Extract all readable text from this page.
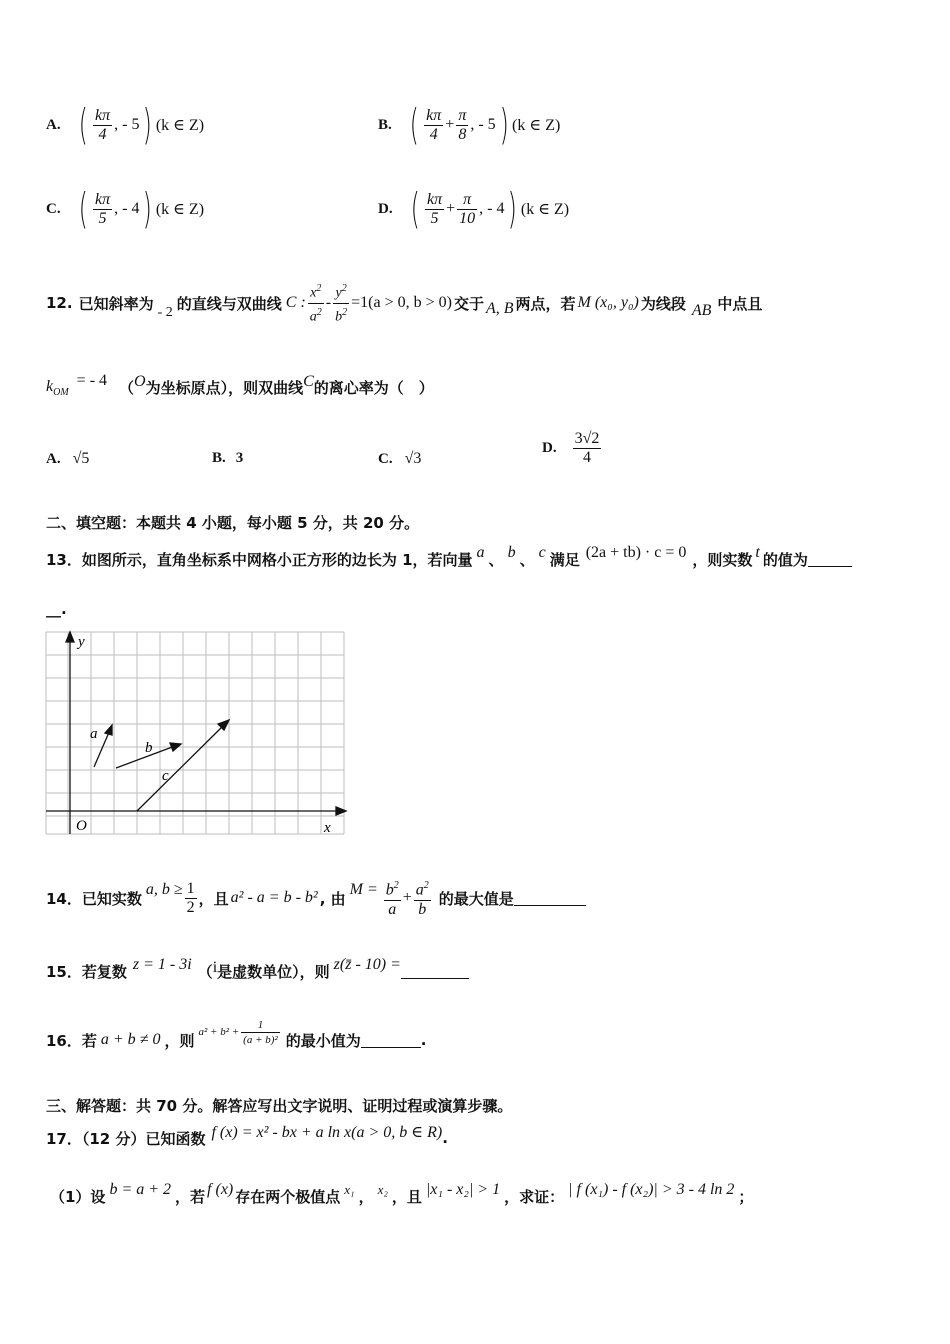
A. ( $\frac{k\pi}{4}$ , - 5 ) (k ∈ Z)	B. ( $\frac{k\pi}{4} + \frac{\pi}{8}$ , - 5 ) (k ∈ Z)
C. ( $\frac{k\pi}{5}$ , - 4 ) (k ∈ Z)	D. ( $\frac{k\pi}{5} + \frac{\pi}{10}$ , - 4 ) (k ∈ Z)
12. 已知斜率为 - 2 的直线与双曲线 C : $\frac{x^2}{a^2} - \frac{y^2}{b^2} =1(a > 0$, b > 0) 交于 A, B 两点，若 M (x₀, y₀) 为线段 AB 中点且
k OM
= - 4 （ O 为坐标原点），则双曲线 C 的离心率为（　）
A. √5	B. 3	C. √3
D. $\frac{3√2}{4}$
二、填空题：本题共 4 小题，每小题 5 分，共 20 分。
13．如图所示，直角坐标系中网格小正方形的边长为 1，若向量 a 、 b 、 c 满足 (2a + tb) · c = 0 ，则实数 t 的值为
__.
y
x
O
a
b
c
14．已知实数 a, $b \ge \frac{1}{2}$ ，且 a² - a = b - b² , 由 $M = \frac{b^2}{a} + \frac{a^2}{b}$ 的最大值是
15．若复数 z = 1 - 3i （ i 是虚数单位），则 z(z̄ - 10) =
16．若 a + b ≠ 0 ，则 $a^2 + b^2 + \frac{1}{\text{(a + b)²}}$ 的最小值为	.
三、解答题：共 70 分。解答应写出文字说明、证明过程或演算步骤。
17．（12 分）已知函数 f (x) = x² - bx + a ln x(a > 0, b ∈ R) .
（1）设 b = a + 2 ，若 f (x) 存在两个极值点 x₁ ， x₂ ，且 |x₁ - x₂| > 1 ，求证： | f (x₁) - f (x₂)| > 3 - 4 ln 2 ；
